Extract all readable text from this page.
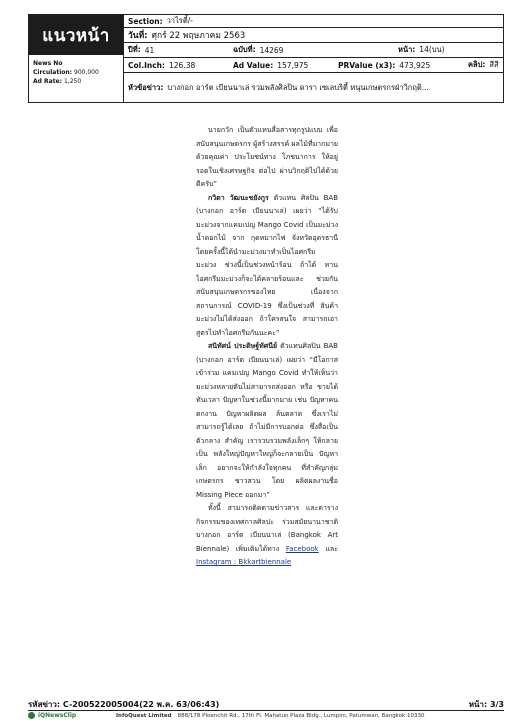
แนวหน้า
News No
Circulation: 900,000
Ad Rate: 1,250
Section: วาไรตี้/-
วันที่: ศุกร์ 22 พฤษภาคม 2563
ปีที่: 41	ฉบับที่: 14269	หน้า: 14(บน)
Col.Inch: 126.38	Ad Value: 157,975	PRValue (x3): 473,925	คลิป: สีสี
หัวข้อข่าว: บางกอก อาร์ต เบียนนาเล่ รวมพลังศิลปิน ดารา เซเลบริตี้ หนุนเกษตรกรฝ่าวิกฤติ...

นายกวัก เป็นตัวแทนสื่อสารทุกรูปแบบ เพื่อสนับสนุนเกษตรกร ผู้สร้างสรรค์ ผลไม้ที่มากมายด้วยคุณค่า ประโยชน์ทาง โภชนาการ ให้อยู่รอดในเชิงเศรษฐกิจ ต่อไป ผ่านวิกฤติไปได้ด้วยดีครับ”

กวิตา วัฒนะชยังกูร ตัวแทน ศิลปิน BAB (บางกอก อาร์ต เบียนนาเล่) เผยว่า “ได้รับมะม่วงจากแคมเปญ Mango Covid เป็นมะม่วงน้ำดอกไม้ จาก กุดหมากไฟ จังหวัดอุดรธานี โดยครั้งนี้ได้นำมะม่วงมาทำเป็นไอศกรีม มะม่วง ช่วงนี้เป็นช่วงหน้าร้อน ถ้าได้ ทานไอศกรีมมะม่วงก็จะได้คลายร้อนและ ช่วยกันสนับสนุนเกษตรกรของไทย เนื่องจาก สถานการณ์ COVID-19 ซึ่งเป็นช่วงที่ สินค้ามะม่วงไม่ได้ส่งออก ถ้าใครสนใจ สามารถเอาสูตรไปทำไอศกรีมกันนะคะ”

สนิทัศน์ ประดิษฐ์ทัศนีย์ ตัวแทนศิลปิน BAB (บางกอก อาร์ต เบียนนาเล่) เผยว่า “มีโอกาสเข้าร่วม แคมเปญ Mango Covid ทำให้เห็นว่า มะม่วงหลายตันไม่สามารถส่งออก หรือ ขายได้ทันเวลา ปัญหาในช่วงนี้มากมาย เช่น ปัญหาคนตกงาน ปัญหาผลิตผล ล้นตลาด ซึ่งเราไม่สามารถรู้ได้เลย ถ้าไม่มีการบอกต่อ ซึ่งสื่อเป็นตัวกลาง สำคัญ เรารวบรวมพลังเล็กๆ ให้กลายเป็น พลังใหญ่ปัญหาใหญ่ก็จะกลายเป็น ปัญหาเล็ก อยากจะให้กำลังใจทุกคน ที่สำคัญกลุ่มเกษตรกร ชาวสวน โดย ผลิตผลงานชื่อ Missing Piece ออกมา”

ทั้งนี้ สามารถติดตามข่าวสาร และตารางกิจกรรมของเทศกาลศิลปะ ร่วมสมัยนานาชาติ บางกอก อาร์ต เบียนนาเล่ (Bangkok Art Biennale) เพิ่มเติมได้ทาง Facebook และ Instagram : Bkkartbiennale

รหัสข่าว: C-200522005004(22 พ.ค. 63/06:43)	หน้า: 3/3
iQNewsClip	InfoQuest Limited 888/178 Ploenchit Rd., 17th Fl. Mahatun Plaza Bldg., Lumpini, Patumwan, Bangkok 10330
